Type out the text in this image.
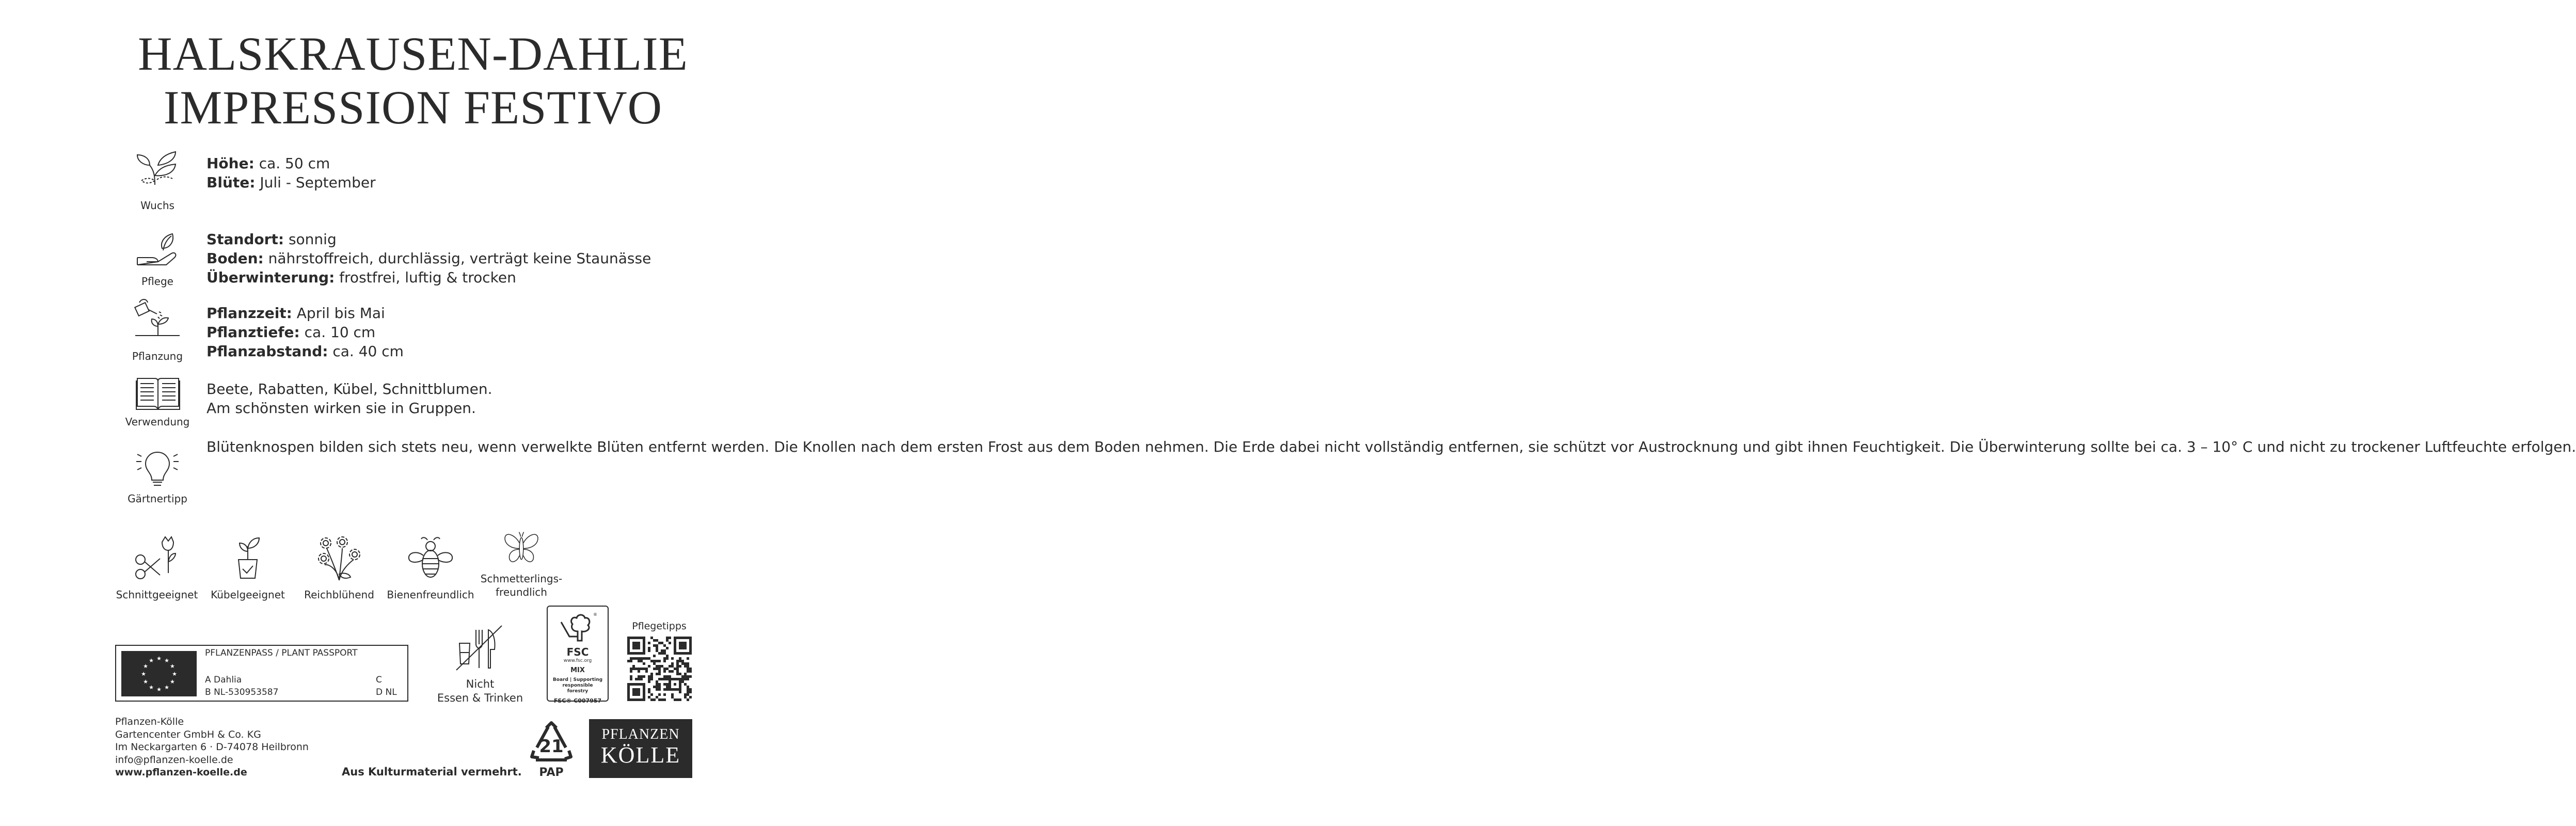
HALSKRAUSEN-DAHLIE
IMPRESSION FESTIVO
Wuchs
Höhe: ca. 50 cm
Blüte: Juli - September
Pflege
Standort: sonnig
Boden: nährstoffreich, durchlässig, verträgt keine Staunässe
Überwinterung: frostfrei, luftig & trocken
Pflanzung
Pflanzzeit: April bis Mai
Pflanztiefe: ca. 10 cm
Pflanzabstand: ca. 40 cm
Verwendung
Beete, Rabatten, Kübel, Schnittblumen.
Am schönsten wirken sie in Gruppen.
Gärtnertipp
Blütenknospen bilden sich stets neu, wenn verwelkte Blüten entfernt werden. Die Knollen nach dem ersten Frost aus dem Boden nehmen. Die Erde dabei nicht vollständig entfernen, sie schützt vor Austrocknung und gibt ihnen Feuchtigkeit. Die Überwinterung sollte bei ca. 3 – 10° C und nicht zu trockener Luftfeuchte erfolgen.
Schnittgeeignet	Kübelgeeignet	Reichblühend	Bienenfreundlich
Schmetterlings-
freundlich
★ ★
★
★
★
★
★
★
★
★
★
★
PFLANZENPASS / PLANT PASSPORT
A Dahlia
B NL-530953587
C
D NL
Nicht
Essen & Trinken
®
FSC
www.fsc.org
MIX
Board | Supporting responsible forestry
FSC® C007957
Pflegetipps
Pflanzen-Kölle
Gartencenter GmbH & Co. KG
Im Neckargarten 6 · D-74078 Heilbronn
info@pflanzen-koelle.de
www.pflanzen-koelle.de	Aus Kulturmaterial vermehrt.
21
PAP
PFLANZEN
KÖLLE
